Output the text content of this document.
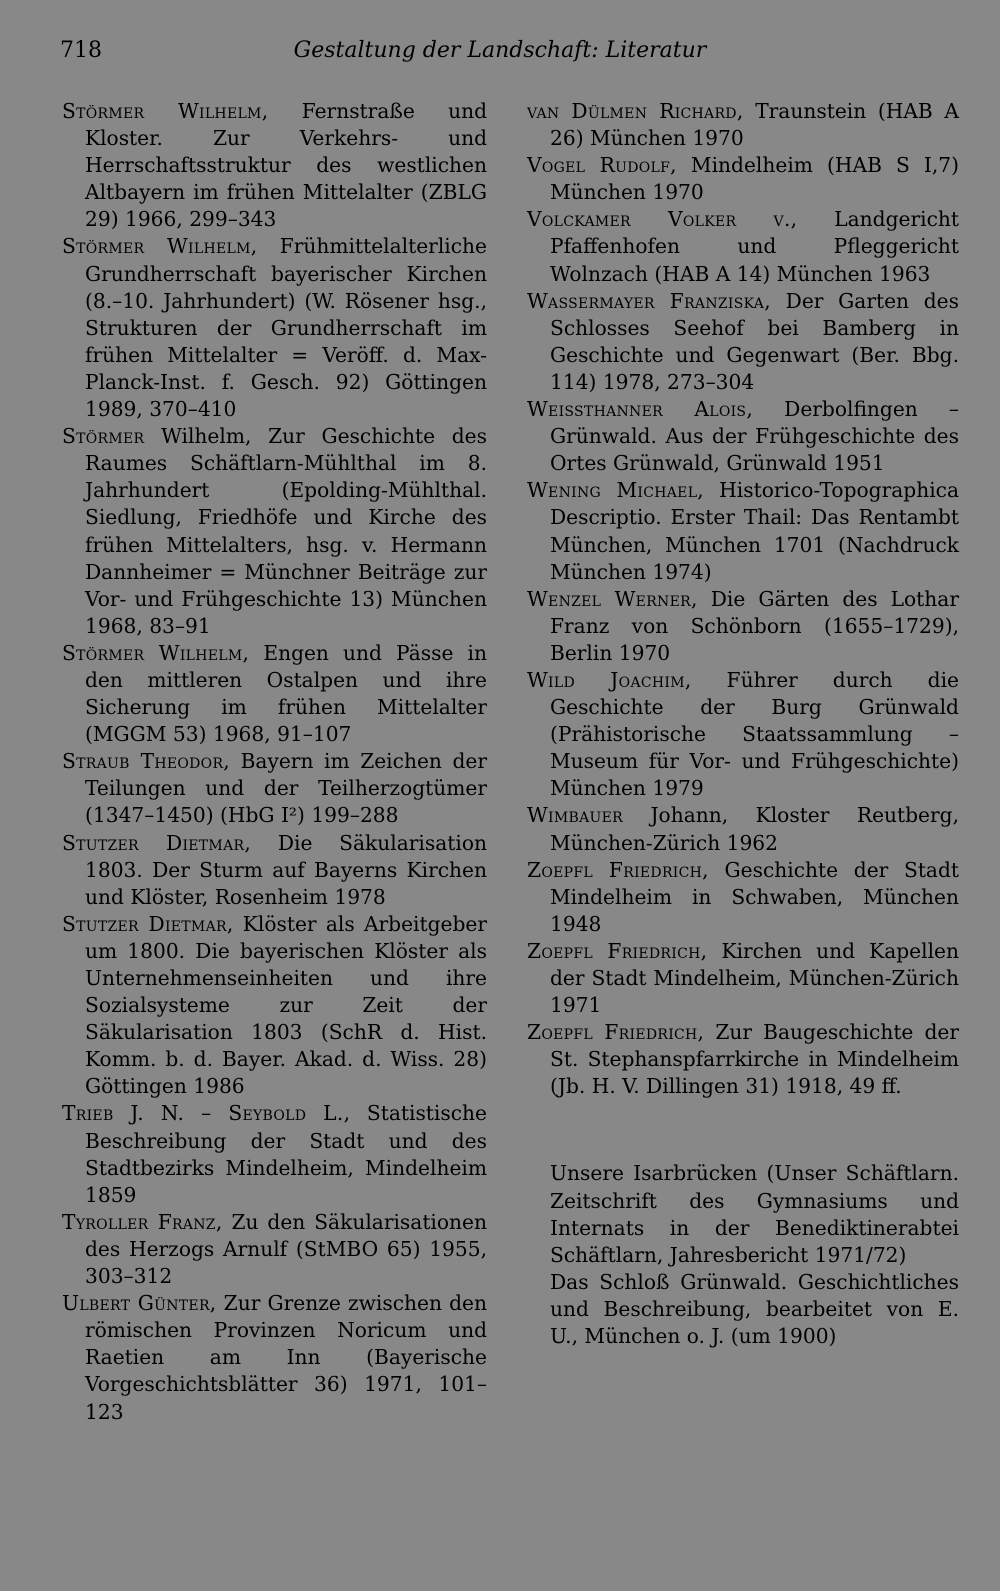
718	Gestaltung der Landschaft: Literatur

Störmer Wilhelm, Fernstraße und Kloster. Zur Verkehrs- und Herrschaftsstruktur des westlichen Altbayern im frühen Mittelalter (ZBLG 29) 1966, 299–343

Störmer Wilhelm, Frühmittelalterliche Grundherrschaft bayerischer Kirchen (8.–10. Jahrhundert) (W. Rösener hsg., Strukturen der Grundherrschaft im frühen Mittelalter = Veröff. d. Max-Planck-Inst. f. Gesch. 92) Göttingen 1989, 370–410

Störmer Wilhelm, Zur Geschichte des Raumes Schäftlarn-Mühlthal im 8. Jahrhundert (Epolding-Mühlthal. Siedlung, Friedhöfe und Kirche des frühen Mittelalters, hsg. v. Hermann Dannheimer = Münchner Beiträge zur Vor- und Frühgeschichte 13) München 1968, 83–91

Störmer Wilhelm, Engen und Pässe in den mittleren Ostalpen und ihre Sicherung im frühen Mittelalter (MGGM 53) 1968, 91–107

Straub Theodor, Bayern im Zeichen der Teilungen und der Teilherzogtümer (1347–1450) (HbG I²) 199–288

Stutzer Dietmar, Die Säkularisation 1803. Der Sturm auf Bayerns Kirchen und Klöster, Rosenheim 1978

Stutzer Dietmar, Klöster als Arbeitgeber um 1800. Die bayerischen Klöster als Unternehmenseinheiten und ihre Sozialsysteme zur Zeit der Säkularisation 1803 (SchR d. Hist. Komm. b. d. Bayer. Akad. d. Wiss. 28) Göttingen 1986

Trieb J. N. – Seybold L., Statistische Beschreibung der Stadt und des Stadtbezirks Mindelheim, Mindelheim 1859

Tyroller Franz, Zu den Säkularisationen des Herzogs Arnulf (StMBO 65) 1955, 303–312

Ulbert Günter, Zur Grenze zwischen den römischen Provinzen Noricum und Raetien am Inn (Bayerische Vorgeschichtsblätter 36) 1971, 101–123

van Dülmen Richard, Traunstein (HAB A 26) München 1970

Vogel Rudolf, Mindelheim (HAB S I,7) München 1970

Volckamer Volker v., Landgericht Pfaffenhofen und Pfleggericht Wolnzach (HAB A 14) München 1963

Wassermayer Franziska, Der Garten des Schlosses Seehof bei Bamberg in Geschichte und Gegenwart (Ber. Bbg. 114) 1978, 273–304

Weissthanner Alois, Derbolfingen – Grünwald. Aus der Frühgeschichte des Ortes Grünwald, Grünwald 1951

Wening Michael, Historico-Topographica Descriptio. Erster Thail: Das Rentambt München, München 1701 (Nachdruck München 1974)

Wenzel Werner, Die Gärten des Lothar Franz von Schönborn (1655–1729), Berlin 1970

Wild Joachim, Führer durch die Geschichte der Burg Grünwald (Prähistorische Staatssammlung – Museum für Vor- und Frühgeschichte) München 1979

Wimbauer Johann, Kloster Reutberg, München-Zürich 1962

Zoepfl Friedrich, Geschichte der Stadt Mindelheim in Schwaben, München 1948

Zoepfl Friedrich, Kirchen und Kapellen der Stadt Mindelheim, München-Zürich 1971

Zoepfl Friedrich, Zur Baugeschichte der St. Stephanspfarrkirche in Mindelheim (Jb. H. V. Dillingen 31) 1918, 49 ff.

Unsere Isarbrücken (Unser Schäftlarn. Zeitschrift des Gymnasiums und Internats in der Benediktinerabtei Schäftlarn, Jahresbericht 1971/72)

Das Schloß Grünwald. Geschichtliches und Beschreibung, bearbeitet von E. U., München o. J. (um 1900)
